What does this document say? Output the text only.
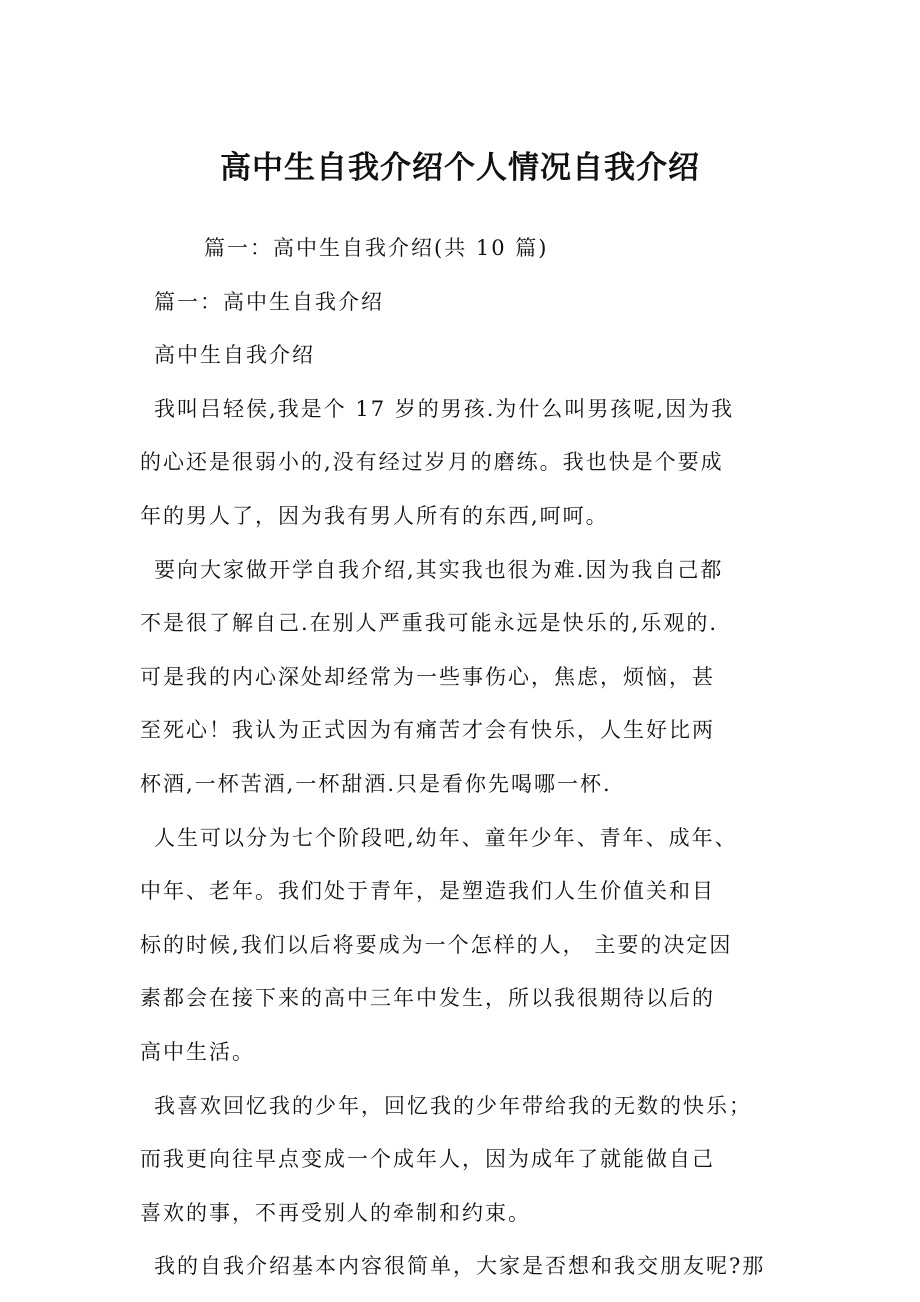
高中生自我介绍个人情况自我介绍

篇一：高中生自我介绍(共 10 篇)

篇一：高中生自我介绍

高中生自我介绍

我叫吕轻侯,我是个 17 岁的男孩.为什么叫男孩呢,因为我

的心还是很弱小的,没有经过岁月的磨练。我也快是个要成

年的男人了，因为我有男人所有的东西,呵呵。

要向大家做开学自我介绍,其实我也很为难.因为我自己都

不是很了解自己.在别人严重我可能永远是快乐的,乐观的.

可是我的内心深处却经常为一些事伤心，焦虑，烦恼，甚

至死心！我认为正式因为有痛苦才会有快乐，人生好比两

杯酒,一杯苦酒,一杯甜酒.只是看你先喝哪一杯.

人生可以分为七个阶段吧,幼年、童年少年、青年、成年、

中年、老年。我们处于青年，是塑造我们人生价值关和目

标的时候,我们以后将要成为一个怎样的人， 主要的决定因

素都会在接下来的高中三年中发生，所以我很期待以后的

高中生活。

我喜欢回忆我的少年，回忆我的少年带给我的无数的快乐；

而我更向往早点变成一个成年人，因为成年了就能做自己

喜欢的事，不再受别人的牵制和约束。

我的自我介绍基本内容很简单，大家是否想和我交朋友呢?那
